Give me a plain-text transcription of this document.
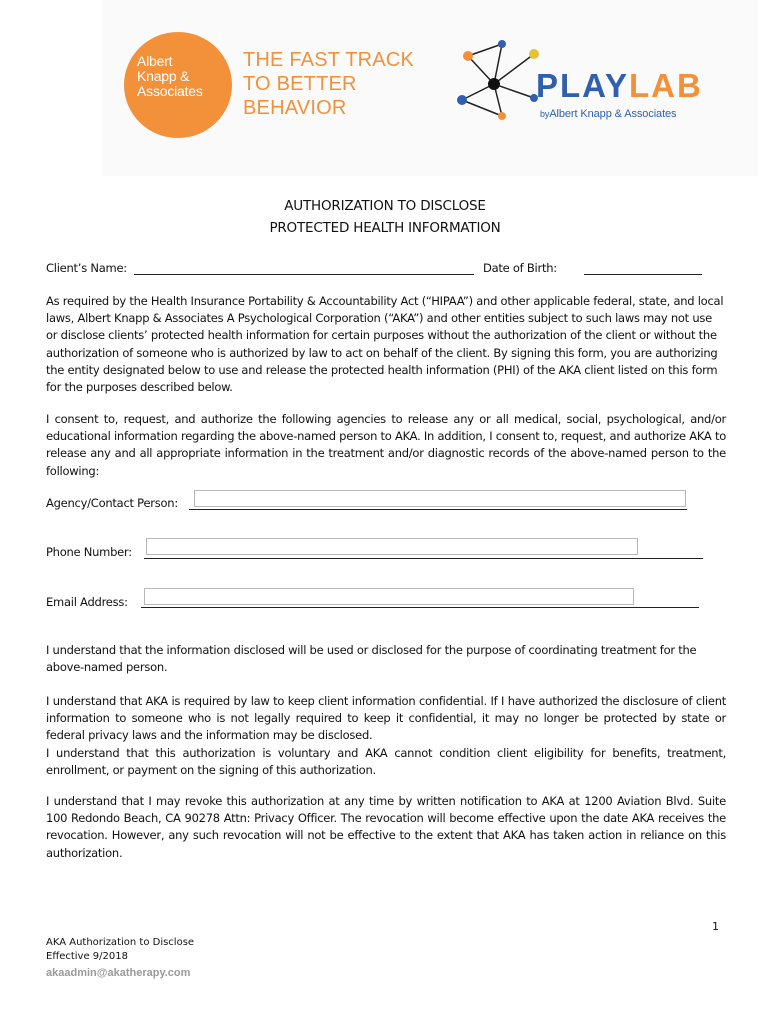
Albert
Knapp &
Associates
THE FAST TRACK
TO BETTER
BEHAVIOR
PLAYLAB
byAlbert Knapp & Associates
AUTHORIZATION TO DISCLOSE
PROTECTED HEALTH INFORMATION
Client’s Name:	Date of Birth:

As required by the Health Insurance Portability & Accountability Act (“HIPAA”) and other applicable federal, state, and local laws, Albert Knapp & Associates A Psychological Corporation (“AKA”) and other entities subject to such laws may not use or disclose clients’ protected health information for certain purposes without the authorization of the client or without the authorization of someone who is authorized by law to act on behalf of the client. By signing this form, you are authorizing the entity designated below to use and release the protected health information (PHI) of the AKA client listed on this form for the purposes described below.

I consent to, request, and authorize the following agencies to release any or all medical, social, psychological, and/or educational information regarding the above-named person to AKA. In addition, I consent to, request, and authorize AKA to release any and all appropriate information in the treatment and/or diagnostic records of the above-named person to the following:

Agency/Contact Person:
Phone Number:
Email Address:

I understand that the information disclosed will be used or disclosed for the purpose of coordinating treatment for the above-named person.

I understand that AKA is required by law to keep client information confidential. If I have authorized the disclosure of client information to someone who is not legally required to keep it confidential, it may no longer be protected by state or federal privacy laws and the information may be disclosed.

I understand that this authorization is voluntary and AKA cannot condition client eligibility for benefits, treatment, enrollment, or payment on the signing of this authorization.

I understand that I may revoke this authorization at any time by written notification to AKA at 1200 Aviation Blvd. Suite 100 Redondo Beach, CA 90278 Attn: Privacy Officer. The revocation will become effective upon the date AKA receives the revocation. However, any such revocation will not be effective to the extent that AKA has taken action in reliance on this authorization.

1
AKA Authorization to Disclose
Effective 9/2018
akaadmin@akatherapy.com
